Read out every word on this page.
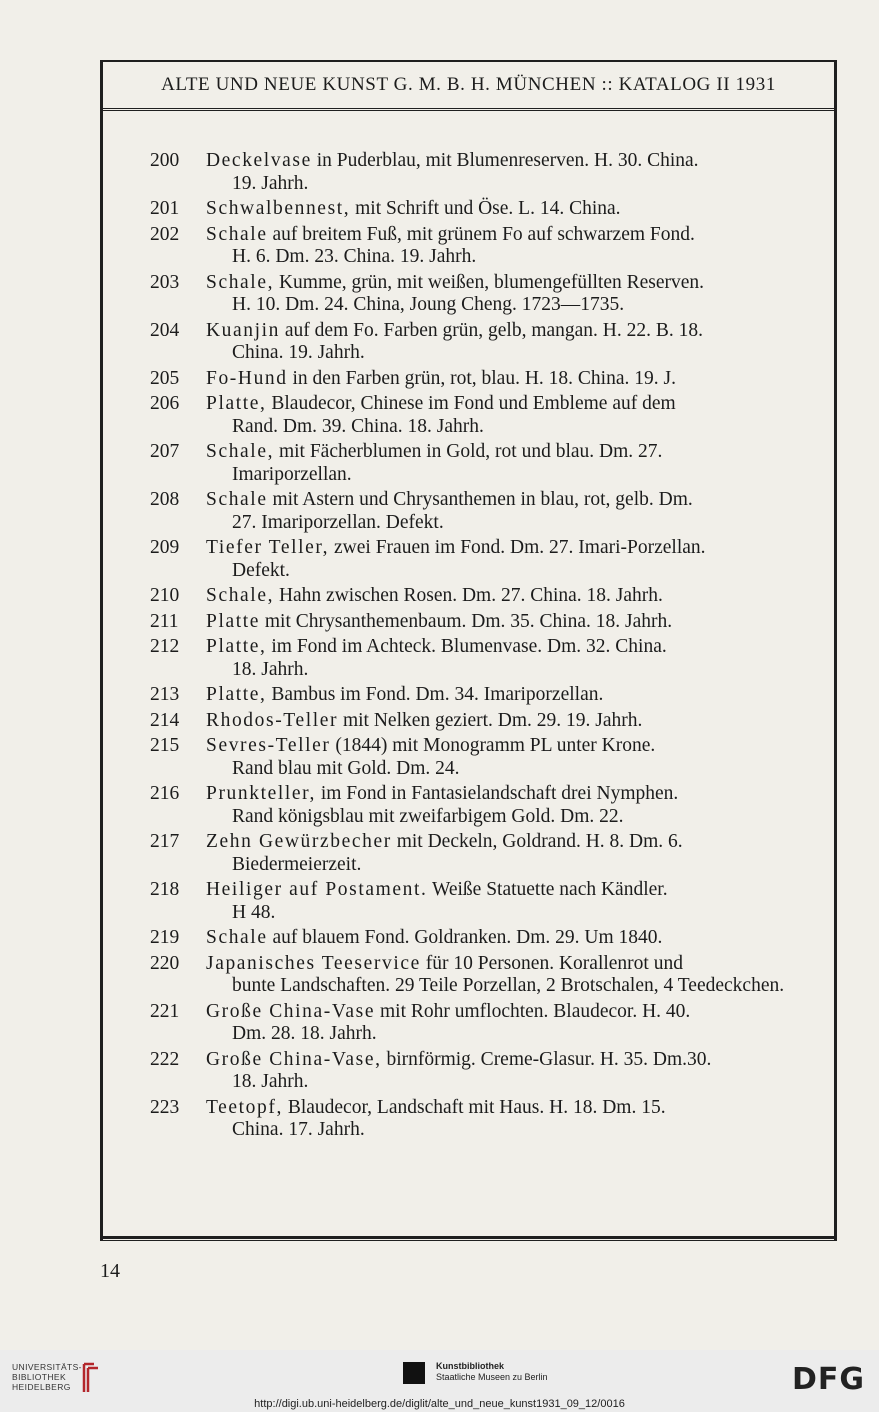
ALTE UND NEUE KUNST G. M. B. H. MÜNCHEN :: KATALOG II 1931
200	Deckelvase in Puderblau, mit Blumenreserven. H. 30. China.
19. Jahrh.
201	Schwalbennest, mit Schrift und Öse. L. 14. China.
202	Schale auf breitem Fuß, mit grünem Fo auf schwarzem Fond.
H. 6. Dm. 23. China. 19. Jahrh.
203	Schale, Kumme, grün, mit weißen, blumengefüllten Reserven.
H. 10. Dm. 24. China, Joung Cheng. 1723—1735.
204	Kuanjin auf dem Fo. Farben grün, gelb, mangan. H. 22. B. 18.
China. 19. Jahrh.
205	Fo-Hund in den Farben grün, rot, blau. H. 18. China. 19. J.
206	Platte, Blaudecor, Chinese im Fond und Embleme auf dem
Rand. Dm. 39. China. 18. Jahrh.
207	Schale, mit Fächerblumen in Gold, rot und blau. Dm. 27.
Imariporzellan.
208	Schale mit Astern und Chrysanthemen in blau, rot, gelb. Dm.
27. Imariporzellan. Defekt.
209	Tiefer Teller, zwei Frauen im Fond. Dm. 27. Imari-Porzellan.
Defekt.
210	Schale, Hahn zwischen Rosen. Dm. 27. China. 18. Jahrh.
211	Platte mit Chrysanthemenbaum. Dm. 35. China. 18. Jahrh.
212	Platte, im Fond im Achteck. Blumenvase. Dm. 32. China.
18. Jahrh.
213	Platte, Bambus im Fond. Dm. 34. Imariporzellan.
214	Rhodos-Teller mit Nelken geziert. Dm. 29. 19. Jahrh.
215	Sevres-Teller (1844) mit Monogramm PL unter Krone.
Rand blau mit Gold. Dm. 24.
216	Prunkteller, im Fond in Fantasielandschaft drei Nymphen.
Rand königsblau mit zweifarbigem Gold. Dm. 22.
217	Zehn Gewürzbecher mit Deckeln, Goldrand. H. 8. Dm. 6.
Biedermeierzeit.
218	Heiliger auf Postament. Weiße Statuette nach Kändler.
H 48.
219	Schale auf blauem Fond. Goldranken. Dm. 29. Um 1840.
220	Japanisches Teeservice für 10 Personen. Korallenrot und
bunte Landschaften. 29 Teile Porzellan, 2 Brotschalen, 4 Teedeckchen.
221	Große China-Vase mit Rohr umflochten. Blaudecor. H. 40.
Dm. 28. 18. Jahrh.
222	Große China-Vase, birnförmig. Creme-Glasur. H. 35. Dm.30.
18. Jahrh.
223	Teetopf, Blaudecor, Landschaft mit Haus. H. 18. Dm. 15.
China. 17. Jahrh.
14
UNIVERSITÄTS-
BIBLIOTHEK
HEIDELBERG
Kunstbibliothek
Staatliche Museen zu Berlin	DFG
http://digi.ub.uni-heidelberg.de/diglit/alte_und_neue_kunst1931_09_12/0016
